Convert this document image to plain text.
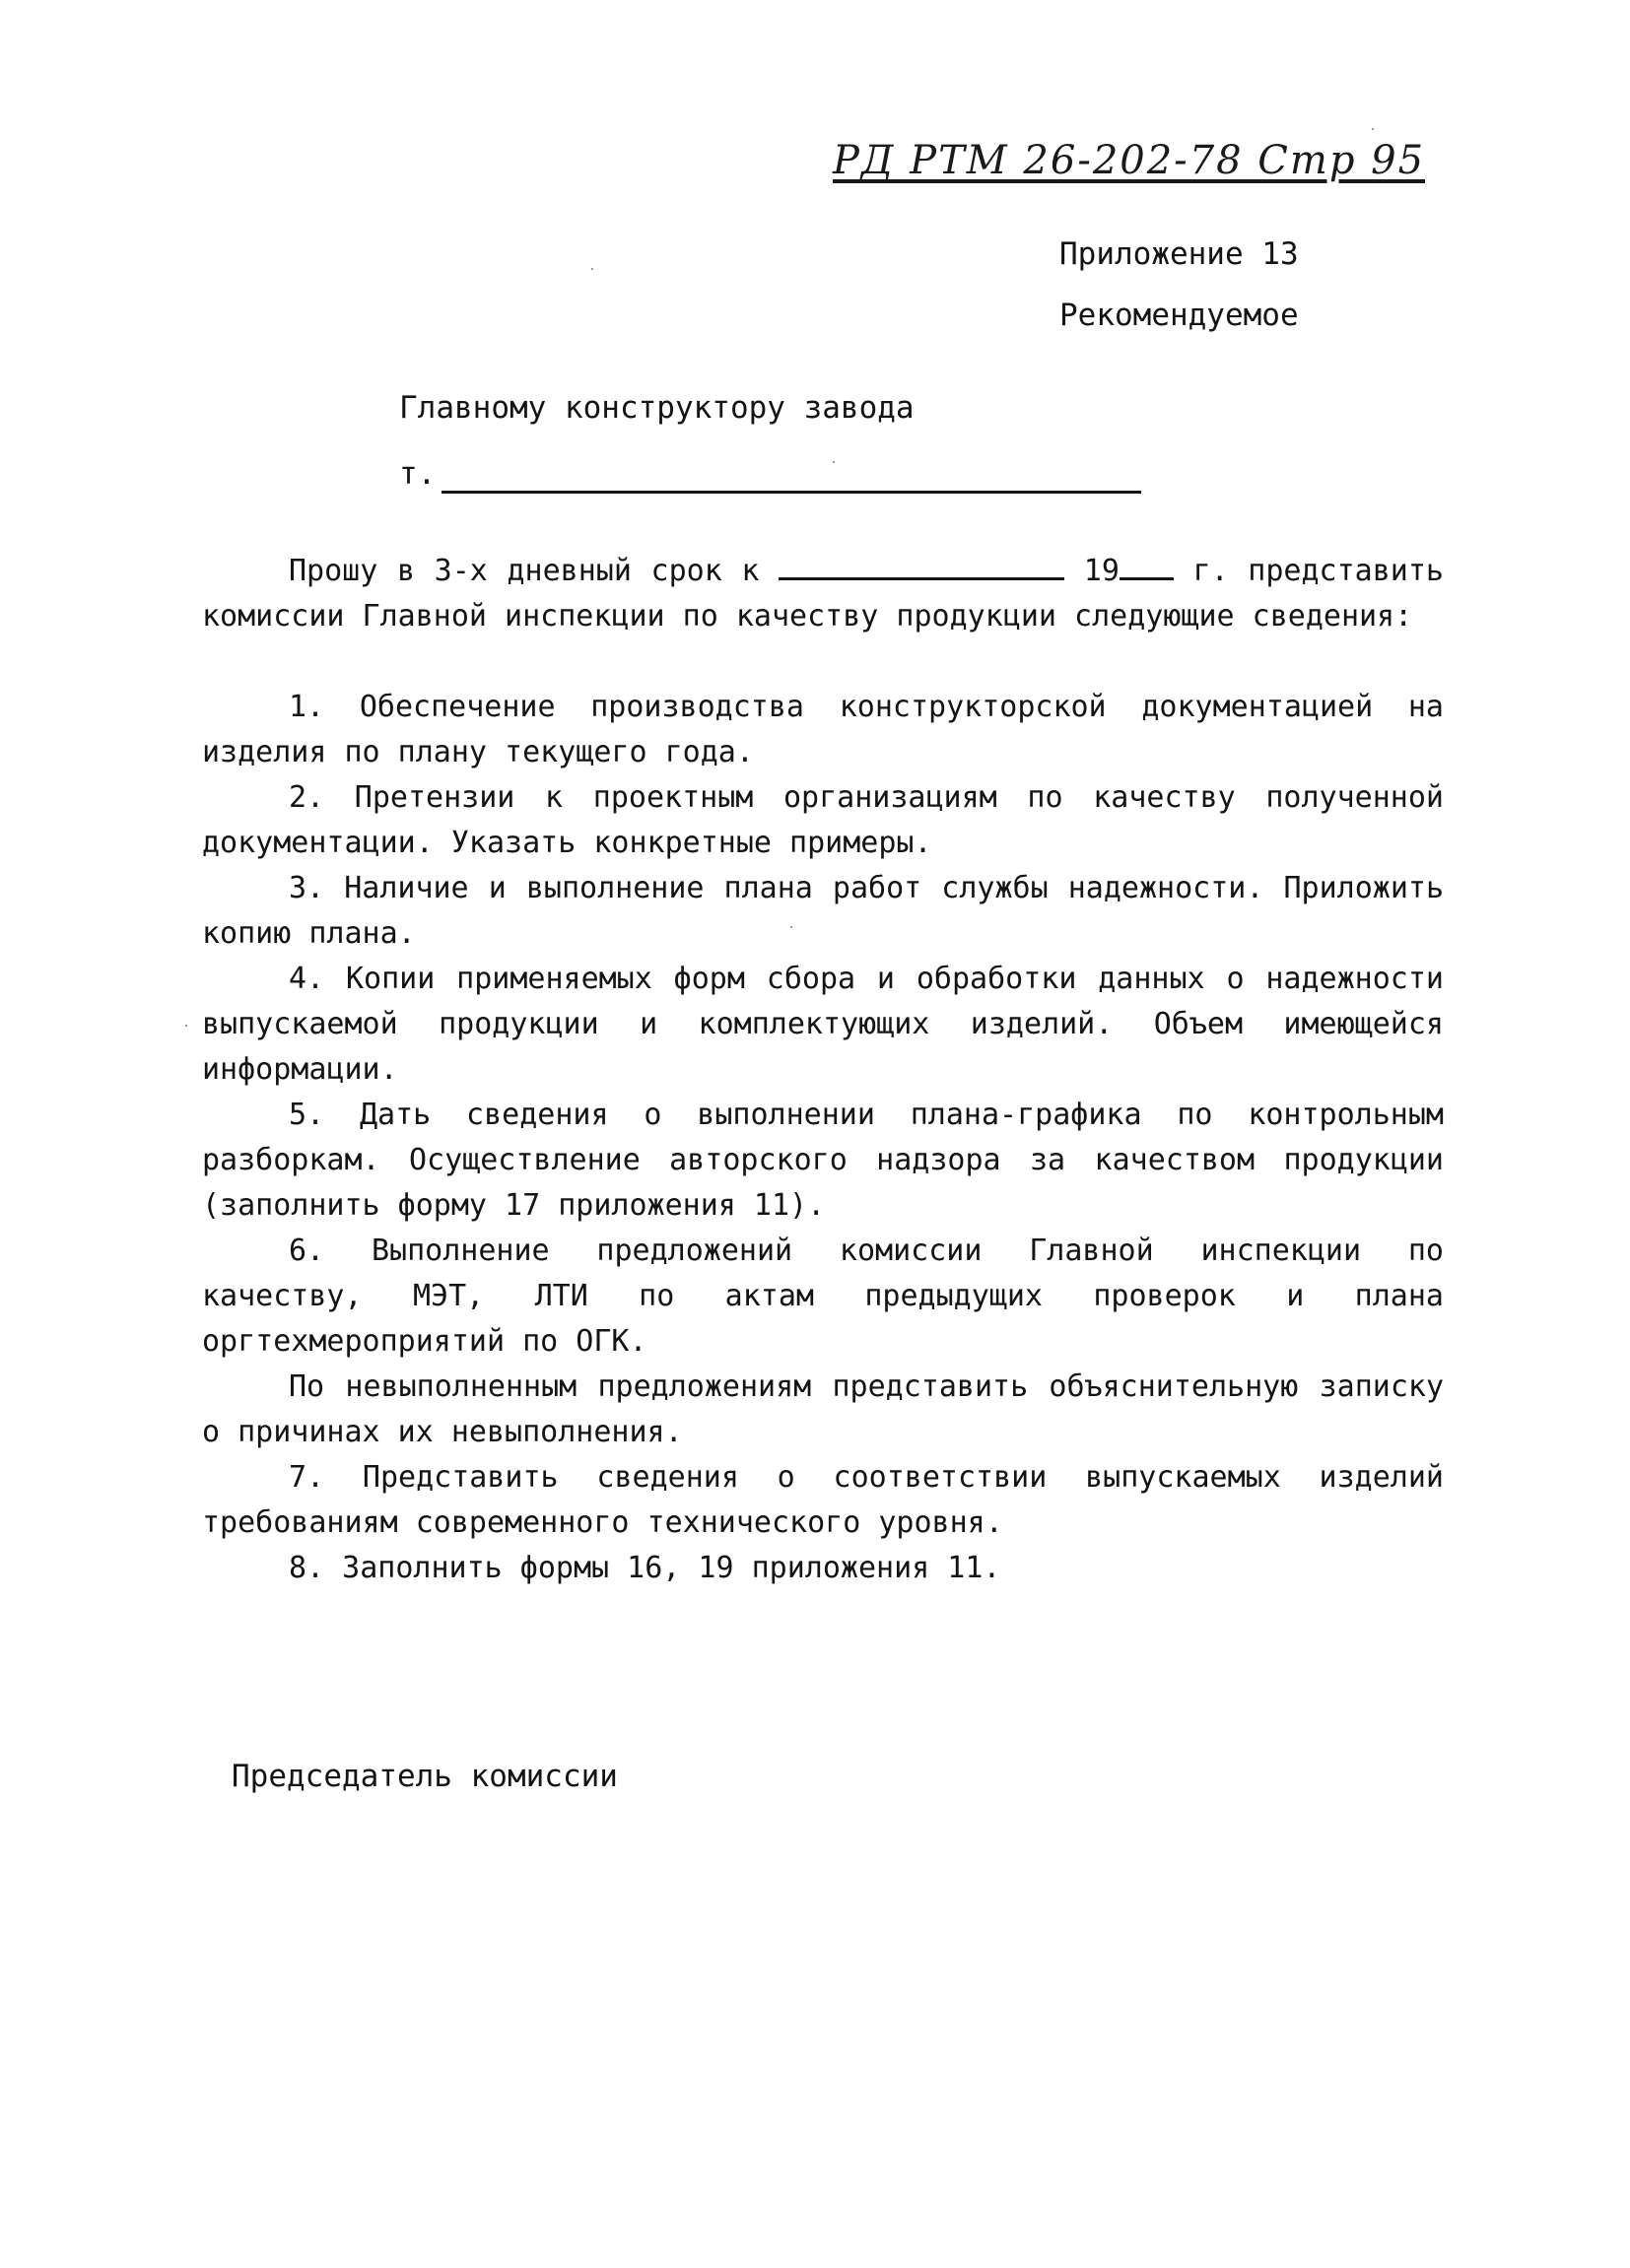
РД РТМ 26-202-78 Стр 95
Приложение 13
Рекомендуемое
Главному конструктору завода
т.

Прошу в 3-х дневный срок к	19 г. представить комиссии Главной инспекции по качеству продукции следующие сведения:

1. Обеспечение производства конструкторской документацией на изделия по плану текущего года.

2. Претензии к проектным организациям по качеству полученной документации. Указать конкретные примеры.

3. Наличие и выполнение плана работ службы надежности. Приложить копию плана.

4. Копии применяемых форм сбора и обработки данных о надежности выпускаемой продукции и комплектующих изделий. Объем имеющейся информации.

5. Дать сведения о выполнении плана-графика по контрольным разборкам. Осуществление авторского надзора за качеством продукции (заполнить форму 17 приложения 11).

6. Выполнение предложений комиссии Главной инспекции по качеству, МЭТ, ЛТИ по актам предыдущих проверок и плана оргтехмероприятий по ОГК.

По невыполненным предложениям представить объяснительную записку о причинах их невыполнения.

7. Представить сведения о соответствии выпускаемых изделий требованиям современного технического уровня.

8. Заполнить формы 16, 19 приложения 11.

Председатель комиссии
